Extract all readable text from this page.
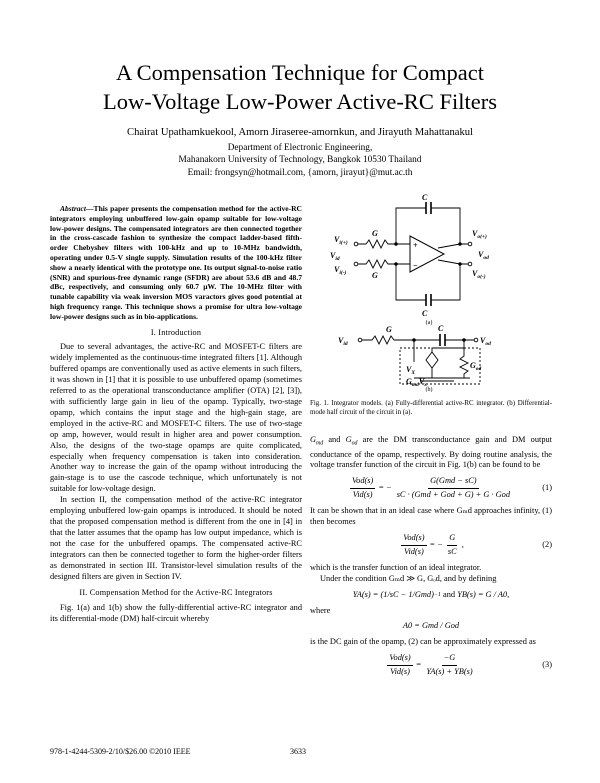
A Compensation Technique for Compact
Low-Voltage Low-Power Active-RC Filters
Chairat Upathamkuekool, Amorn Jiraseree-amornkun, and Jirayuth Mahattanakul
Department of Electronic Engineering,
Mahanakorn University of Technology, Bangkok 10530 Thailand
Email: frongsyn@hotmail.com, {amorn, jirayut}@mut.ac.th

Abstract—This paper presents the compensation method for the active-RC integrators employing unbuffered low-gain opamp suitable for low-voltage low-power designs. The compensated integrators are then connected together in the cross-cascade fashion to synthesize the compact ladder-based fifth-order Chebyshev filters with 100-kHz and up to 10-MHz bandwidth, operating under 0.5-V single supply. Simulation results of the 100-kHz filter show a nearly identical with the prototype one. Its output signal-to-noise ratio (SNR) and spurious-free dynamic range (SFDR) are about 53.6 dB and 48.7 dBc, respectively, and consuming only 60.7 μW. The 10-MHz filter with tunable capability via weak inversion MOS varactors gives good potential at high frequency range. This technique shows a promise for ultra low-voltage low-power designs such as in bio-applications.

I. Introduction

Due to several advantages, the active-RC and MOSFET-C filters are widely implemented as the continuous-time integrated filters [1]. Although buffered opamps are conventionally used as active elements in such filters, it was shown in [1] that it is possible to use unbuffered opamp (sometimes referred to as the operational transconductance amplifier (OTA) [2], [3]), with sufficiently large gain in lieu of the opamp. Typically, two-stage opamp, which contains the input stage and the high-gain stage, are employed in the active-RC and MOSFET-C filters. The use of two-stage op amp, however, would result in higher area and power consumption. Also, the designs of the two-stage opamps are quite complicated, especially when frequency compensation is taken into consideration. Another way to increase the gain of the opamp without introducing the gain-stage is to use the cascode technique, which unfortunately is not suitable for low-voltage design.

In section II, the compensation method of the active-RC integrator employing unbuffered low-gain opamps is introduced. It should be noted that the proposed compensation method is different from the one in [4] in that the latter assumes that the opamp has low output impedance, which is not the case for the unbuffered opamps. The compensated active-RC integrators can then be connected together to form the higher-order filters as demonstrated in section III. Transistor-level simulation results of the designed filters are given in Section IV.

II. Compensation Method for the Active-RC Integrators

Fig. 1(a) and 1(b) show the fully-differential active-RC integrator and its differential-mode (DM) half-circuit whereby

C
C
G
G
$V_{i(+)}$
$V_{i(-)}$
$V_{id}$
$V_{o(+)}$
$V_{o(-)}$
$V_{od}$
+
−
(a)
G	C
$V_{id}$	$V_{od}$
$V_X$
$G_{md}V_x$
$G_{od}$
(b)
Fig. 1. Integrator models. (a) Fully-differential active-RC integrator. (b) Differential-mode half circuit of the circuit in (a).

$G_{md}$ and $G_{od}$ are the DM transconductance gain and DM output conductance of the opamp, respectively. By doing routine analysis, the voltage transfer function of the circuit in Fig. 1(b) can be found to be

$\frac{\text{Vod(s)}}{\text{Vid(s)}}$ = − $\frac{\text{G(Gmd − sC)}}{\text{sC · (Gmd + God + G) + G · God}}$	(1)

It can be shown that in an ideal case where Gₘd approaches infinity, (1) then becomes

$\frac{\text{Vod(s)}}{\text{Vid(s)}}$ = − $\frac{G}{sC}$ ,	(2)

which is the transfer function of an ideal integrator.

Under the condition Gₘd ≫ G, Gₒd, and by defining

YA(s) =
(1/sC − 1/Gmd) −1
and
YB(s) = G / A0,

where

A0 = Gmd / God

is the DC gain of the opamp, (2) can be approximately expressed as

$\frac{\text{Vod(s)}}{\text{Vid(s)}} = \frac{-G}{YA(s) + YB(s)}$	(3)
978-1-4244-5309-2/10/$26.00 ©2010 IEEE	3633
